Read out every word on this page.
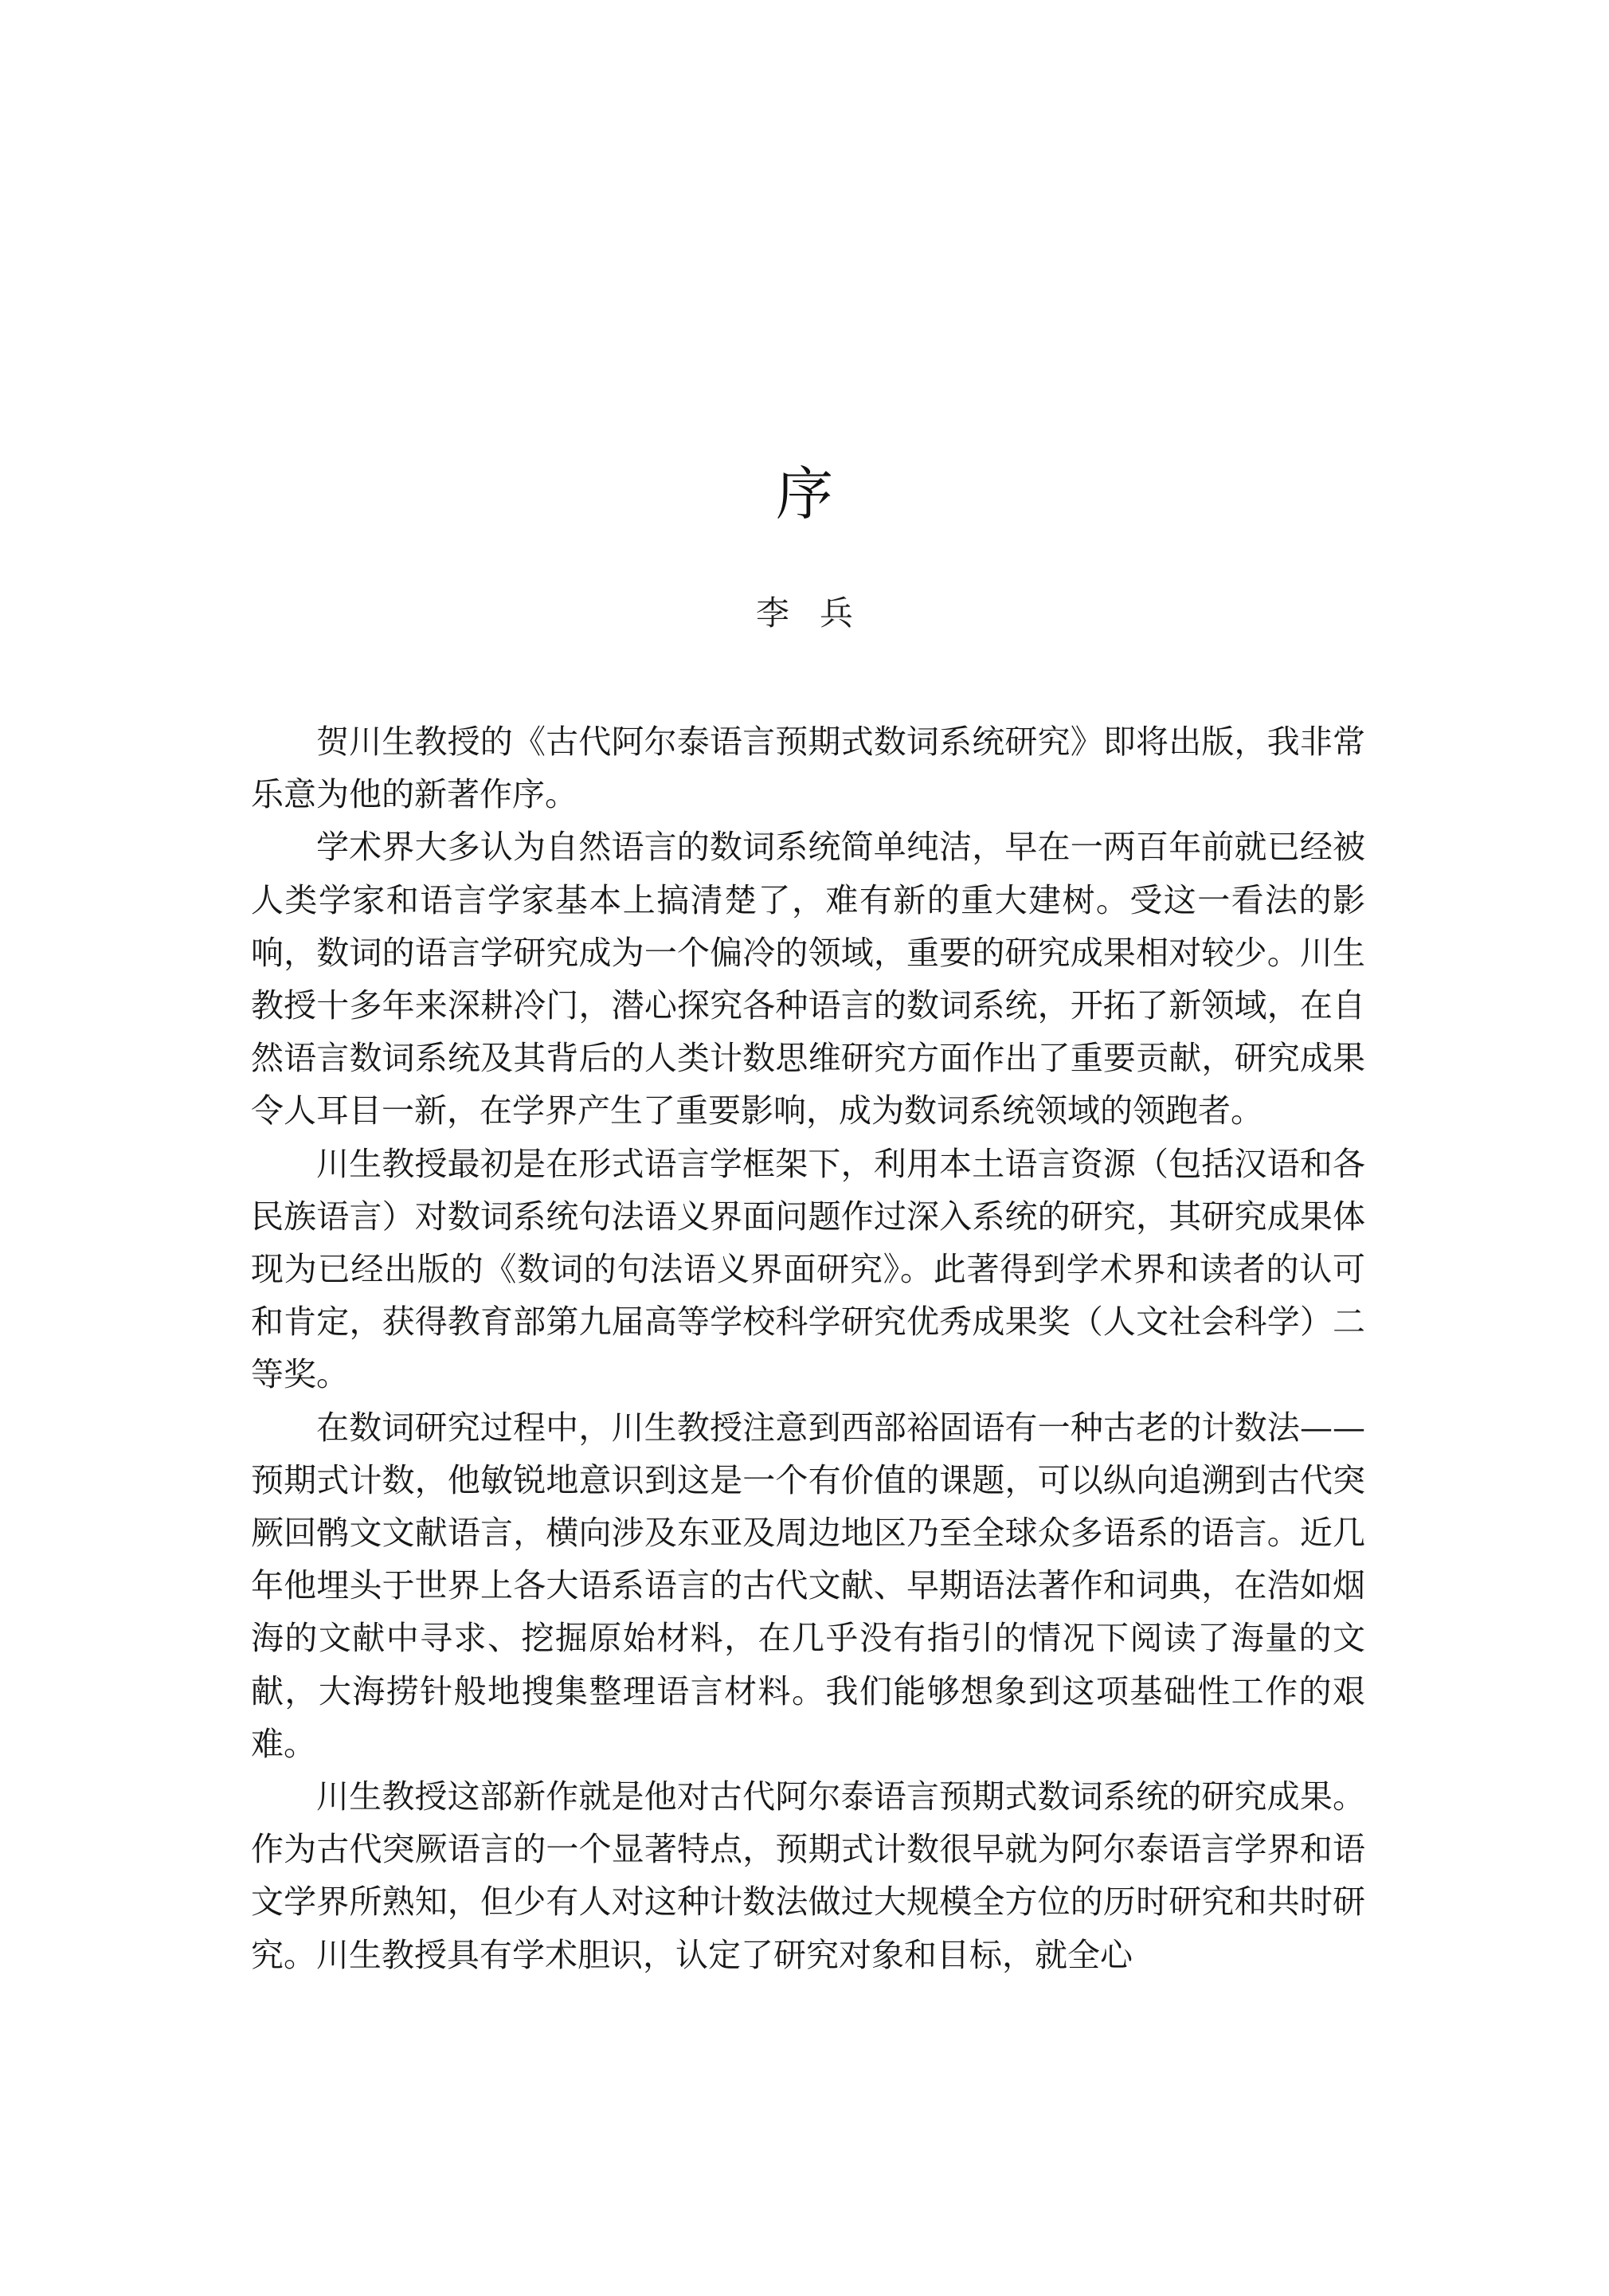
序
李兵

贺川生教授的《古代阿尔泰语言预期式数词系统研究》即将出版，我非常乐意为他的新著作序。

学术界大多认为自然语言的数词系统简单纯洁，早在一两百年前就已经被人类学家和语言学家基本上搞清楚了，难有新的重大建树。受这一看法的影响，数词的语言学研究成为一个偏冷的领域，重要的研究成果相对较少。川生教授十多年来深耕冷门，潜心探究各种语言的数词系统，开拓了新领域，在自然语言数词系统及其背后的人类计数思维研究方面作出了重要贡献，研究成果令人耳目一新，在学界产生了重要影响，成为数词系统领域的领跑者。

川生教授最初是在形式语言学框架下，利用本土语言资源（包括汉语和各民族语言）对数词系统句法语义界面问题作过深入系统的研究，其研究成果体现为已经出版的《数词的句法语义界面研究》。此著得到学术界和读者的认可和肯定，获得教育部第九届高等学校科学研究优秀成果奖（人文社会科学）二等奖。

在数词研究过程中，川生教授注意到西部裕固语有一种古老的计数法——预期式计数，他敏锐地意识到这是一个有价值的课题，可以纵向追溯到古代突厥回鹘文文献语言，横向涉及东亚及周边地区乃至全球众多语系的语言。近几年他埋头于世界上各大语系语言的古代文献、早期语法著作和词典，在浩如烟海的文献中寻求、挖掘原始材料，在几乎没有指引的情况下阅读了海量的文献，大海捞针般地搜集整理语言材料。我们能够想象到这项基础性工作的艰难。

川生教授这部新作就是他对古代阿尔泰语言预期式数词系统的研究成果。作为古代突厥语言的一个显著特点，预期式计数很早就为阿尔泰语言学界和语文学界所熟知，但少有人对这种计数法做过大规模全方位的历时研究和共时研究。川生教授具有学术胆识，认定了研究对象和目标，就全心
